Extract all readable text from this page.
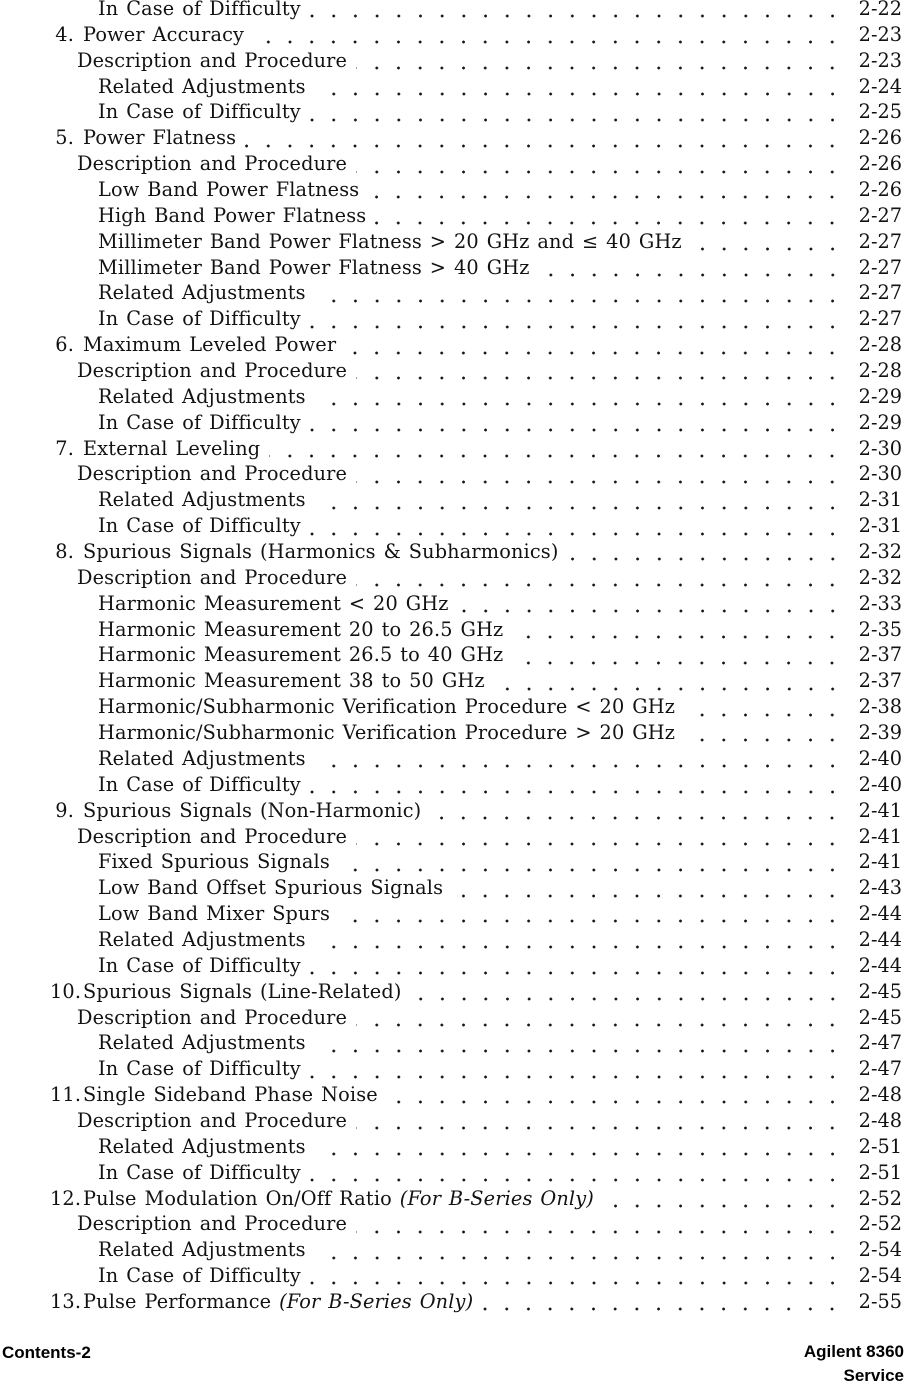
In Case of Difficulty	2-22
4. Power Accuracy	2-23
Description and Procedure	2-23
Related Adjustments	2-24
In Case of Difficulty	2-25
5. Power Flatness	2-26
Description and Procedure	2-26
Low Band Power Flatness	2-26
High Band Power Flatness	2-27
Millimeter Band Power Flatness > 20 GHz and ≤ 40 GHz	2-27
Millimeter Band Power Flatness > 40 GHz	2-27
Related Adjustments	2-27
In Case of Difficulty	2-27
6. Maximum Leveled Power	2-28
Description and Procedure	2-28
Related Adjustments	2-29
In Case of Difficulty	2-29
7. External Leveling	2-30
Description and Procedure	2-30
Related Adjustments	2-31
In Case of Difficulty	2-31
8. Spurious Signals (Harmonics & Subharmonics)	2-32
Description and Procedure	2-32
Harmonic Measurement < 20 GHz	2-33
Harmonic Measurement 20 to 26.5 GHz	2-35
Harmonic Measurement 26.5 to 40 GHz	2-37
Harmonic Measurement 38 to 50 GHz	2-37
Harmonic/Subharmonic Verification Procedure < 20 GHz	2-38
Harmonic/Subharmonic Verification Procedure > 20 GHz	2-39
Related Adjustments	2-40
In Case of Difficulty	2-40
9. Spurious Signals (Non-Harmonic)	2-41
Description and Procedure	2-41
Fixed Spurious Signals	2-41
Low Band Offset Spurious Signals	2-43
Low Band Mixer Spurs	2-44
Related Adjustments	2-44
In Case of Difficulty	2-44
10.Spurious Signals (Line-Related)	2-45
Description and Procedure	2-45
Related Adjustments	2-47
In Case of Difficulty	2-47
11.Single Sideband Phase Noise	2-48
Description and Procedure	2-48
Related Adjustments	2-51
In Case of Difficulty	2-51
12.Pulse Modulation On/Off Ratio (For B-Series Only)	2-52
Description and Procedure	2-52
Related Adjustments	2-54
In Case of Difficulty	2-54
13.Pulse Performance (For B-Series Only)	2-55
Contents-2	Agilent 8360
Service
